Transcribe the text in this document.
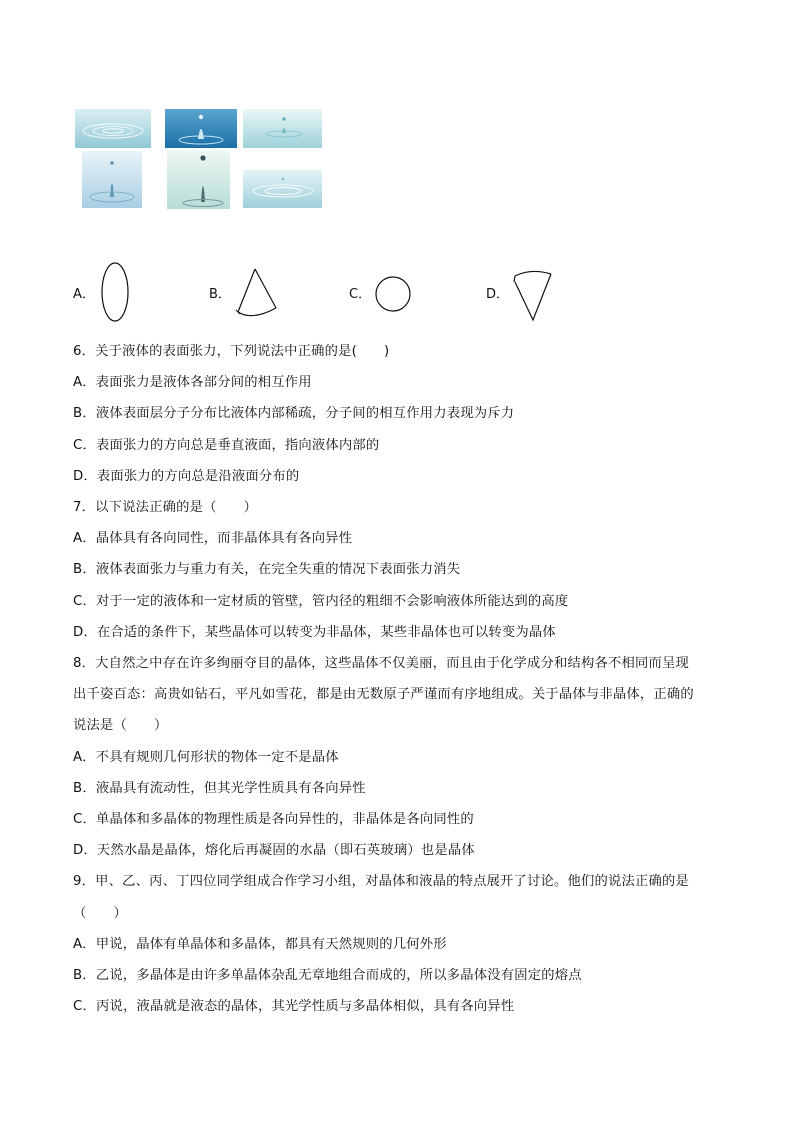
A．	B．	C．	D．
6．关于液体的表面张力，下列说法中正确的是(　　)
A．表面张力是液体各部分间的相互作用
B．液体表面层分子分布比液体内部稀疏，分子间的相互作用力表现为斥力
C．表面张力的方向总是垂直液面，指向液体内部的
D．表面张力的方向总是沿液面分布的
7．以下说法正确的是（　　）
A．晶体具有各向同性，而非晶体具有各向异性
B．液体表面张力与重力有关，在完全失重的情况下表面张力消失
C．对于一定的液体和一定材质的管壁，管内径的粗细不会影响液体所能达到的高度
D．在合适的条件下，某些晶体可以转变为非晶体，某些非晶体也可以转变为晶体
8．大自然之中存在许多绚丽夺目的晶体，这些晶体不仅美丽，而且由于化学成分和结构各不相同而呈现
出千姿百态：高贵如钻石，平凡如雪花，都是由无数原子严谨而有序地组成。关于晶体与非晶体，正确的
说法是（　　）
A．不具有规则几何形状的物体一定不是晶体
B．液晶具有流动性，但其光学性质具有各向异性
C．单晶体和多晶体的物理性质是各向异性的，非晶体是各向同性的
D．天然水晶是晶体，熔化后再凝固的水晶（即石英玻璃）也是晶体
9．甲、乙、丙、丁四位同学组成合作学习小组，对晶体和液晶的特点展开了讨论。他们的说法正确的是
（　　）
A．甲说，晶体有单晶体和多晶体，都具有天然规则的几何外形
B．乙说，多晶体是由许多单晶体杂乱无章地组合而成的，所以多晶体没有固定的熔点
C．丙说，液晶就是液态的晶体，其光学性质与多晶体相似，具有各向异性
